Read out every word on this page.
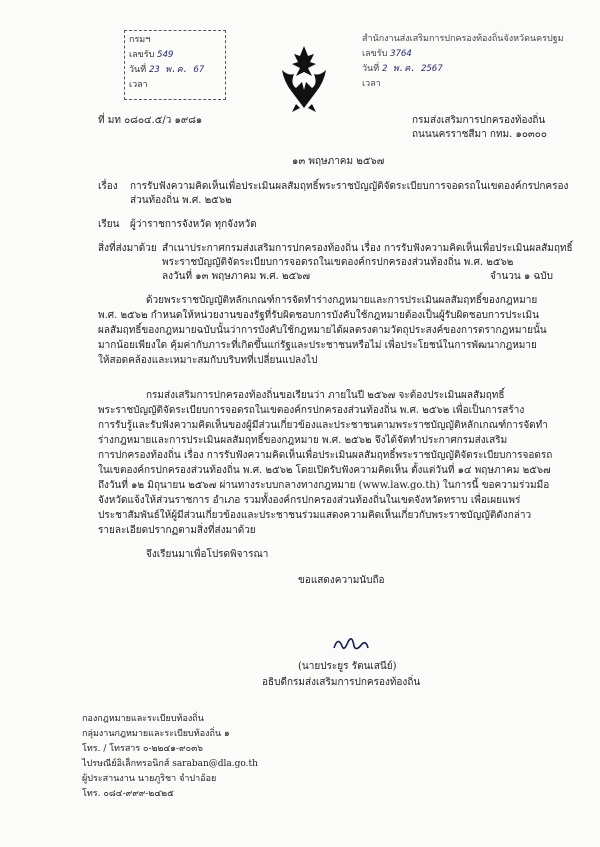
กรมฯ
เลขรับ 549
วันที่ 23 พ.ค. 67
เวลา
สำนักงานส่งเสริมการปกครองท้องถิ่นจังหวัดนครปฐม
เลขรับ 3764
วันที่ 2 พ.ค. 2567
เวลา
ที่ มท ๐๘๐๔.๕/ว ๑๙๘๑	กรมส่งเสริมการปกครองท้องถิ่น
ถนนนครราชสีมา กทม. ๑๐๓๐๐
๑๓ พฤษภาคม ๒๕๖๗
เรื่อง การรับฟังความคิดเห็นเพื่อประเมินผลสัมฤทธิ์พระราชบัญญัติจัดระเบียบการจอดรถในเขตองค์กรปกครอง
ส่วนท้องถิ่น พ.ศ. ๒๕๖๒
เรียน ผู้ว่าราชการจังหวัด ทุกจังหวัด
สิ่งที่ส่งมาด้วย สำเนาประกาศกรมส่งเสริมการปกครองท้องถิ่น เรื่อง การรับฟังความคิดเห็นเพื่อประเมินผลสัมฤทธิ์
พระราชบัญญัติจัดระเบียบการจอดรถในเขตองค์กรปกครองส่วนท้องถิ่น พ.ศ. ๒๕๖๒
ลงวันที่ ๑๓ พฤษภาคม พ.ศ. ๒๕๖๗	จำนวน ๑ ฉบับ
ด้วยพระราชบัญญัติหลักเกณฑ์การจัดทำร่างกฎหมายและการประเมินผลสัมฤทธิ์ของกฎหมาย
พ.ศ. ๒๕๖๒ กำหนดให้หน่วยงานของรัฐที่รับผิดชอบการบังคับใช้กฎหมายต้องเป็นผู้รับผิดชอบการประเมิน
ผลสัมฤทธิ์ของกฎหมายฉบับนั้นว่าการบังคับใช้กฎหมายได้ผลตรงตามวัตถุประสงค์ของการตรากฎหมายนั้น
มากน้อยเพียงใด คุ้มค่ากับภาระที่เกิดขึ้นแก่รัฐและประชาชนหรือไม่ เพื่อประโยชน์ในการพัฒนากฎหมาย
ให้สอดคล้องและเหมาะสมกับบริบทที่เปลี่ยนแปลงไป
กรมส่งเสริมการปกครองท้องถิ่นขอเรียนว่า ภายในปี ๒๕๖๗ จะต้องประเมินผลสัมฤทธิ์
พระราชบัญญัติจัดระเบียบการจอดรถในเขตองค์กรปกครองส่วนท้องถิ่น พ.ศ. ๒๕๖๒ เพื่อเป็นการสร้าง
การรับรู้และรับฟังความคิดเห็นของผู้มีส่วนเกี่ยวข้องและประชาชนตามพระราชบัญญัติหลักเกณฑ์การจัดทำ
ร่างกฎหมายและการประเมินผลสัมฤทธิ์ของกฎหมาย พ.ศ. ๒๕๖๒ จึงได้จัดทำประกาศกรมส่งเสริม
การปกครองท้องถิ่น เรื่อง การรับฟังความคิดเห็นเพื่อประเมินผลสัมฤทธิ์พระราชบัญญัติจัดระเบียบการจอดรถ
ในเขตองค์กรปกครองส่วนท้องถิ่น พ.ศ. ๒๕๖๒ โดยเปิดรับฟังความคิดเห็น ตั้งแต่วันที่ ๑๔ พฤษภาคม ๒๕๖๗
ถึงวันที่ ๑๒ มิถุนายน ๒๕๖๗ ผ่านทางระบบกลางทางกฎหมาย (www.law.go.th) ในการนี้ ขอความร่วมมือ
จังหวัดแจ้งให้ส่วนราชการ อำเภอ รวมทั้งองค์กรปกครองส่วนท้องถิ่นในเขตจังหวัดทราบ เพื่อเผยแพร่
ประชาสัมพันธ์ให้ผู้มีส่วนเกี่ยวข้องและประชาชนร่วมแสดงความคิดเห็นเกี่ยวกับพระราชบัญญัติดังกล่าว
รายละเอียดปรากฏตามสิ่งที่ส่งมาด้วย
จึงเรียนมาเพื่อโปรดพิจารณา
ขอแสดงความนับถือ
(นายประยูร รัตนเสนีย์)
อธิบดีกรมส่งเสริมการปกครองท้องถิ่น
กองกฎหมายและระเบียบท้องถิ่น
กลุ่มงานกฎหมายและระเบียบท้องถิ่น ๑
โทร. / โทรสาร ๐-๒๒๔๑-๙๐๓๖
ไปรษณีย์อิเล็กทรอนิกส์ saraban@dla.go.th
ผู้ประสานงาน นายภูริชา จำปาอ้อย
โทร. ๐๘๔-๙๙๙-๒๔๒๕
